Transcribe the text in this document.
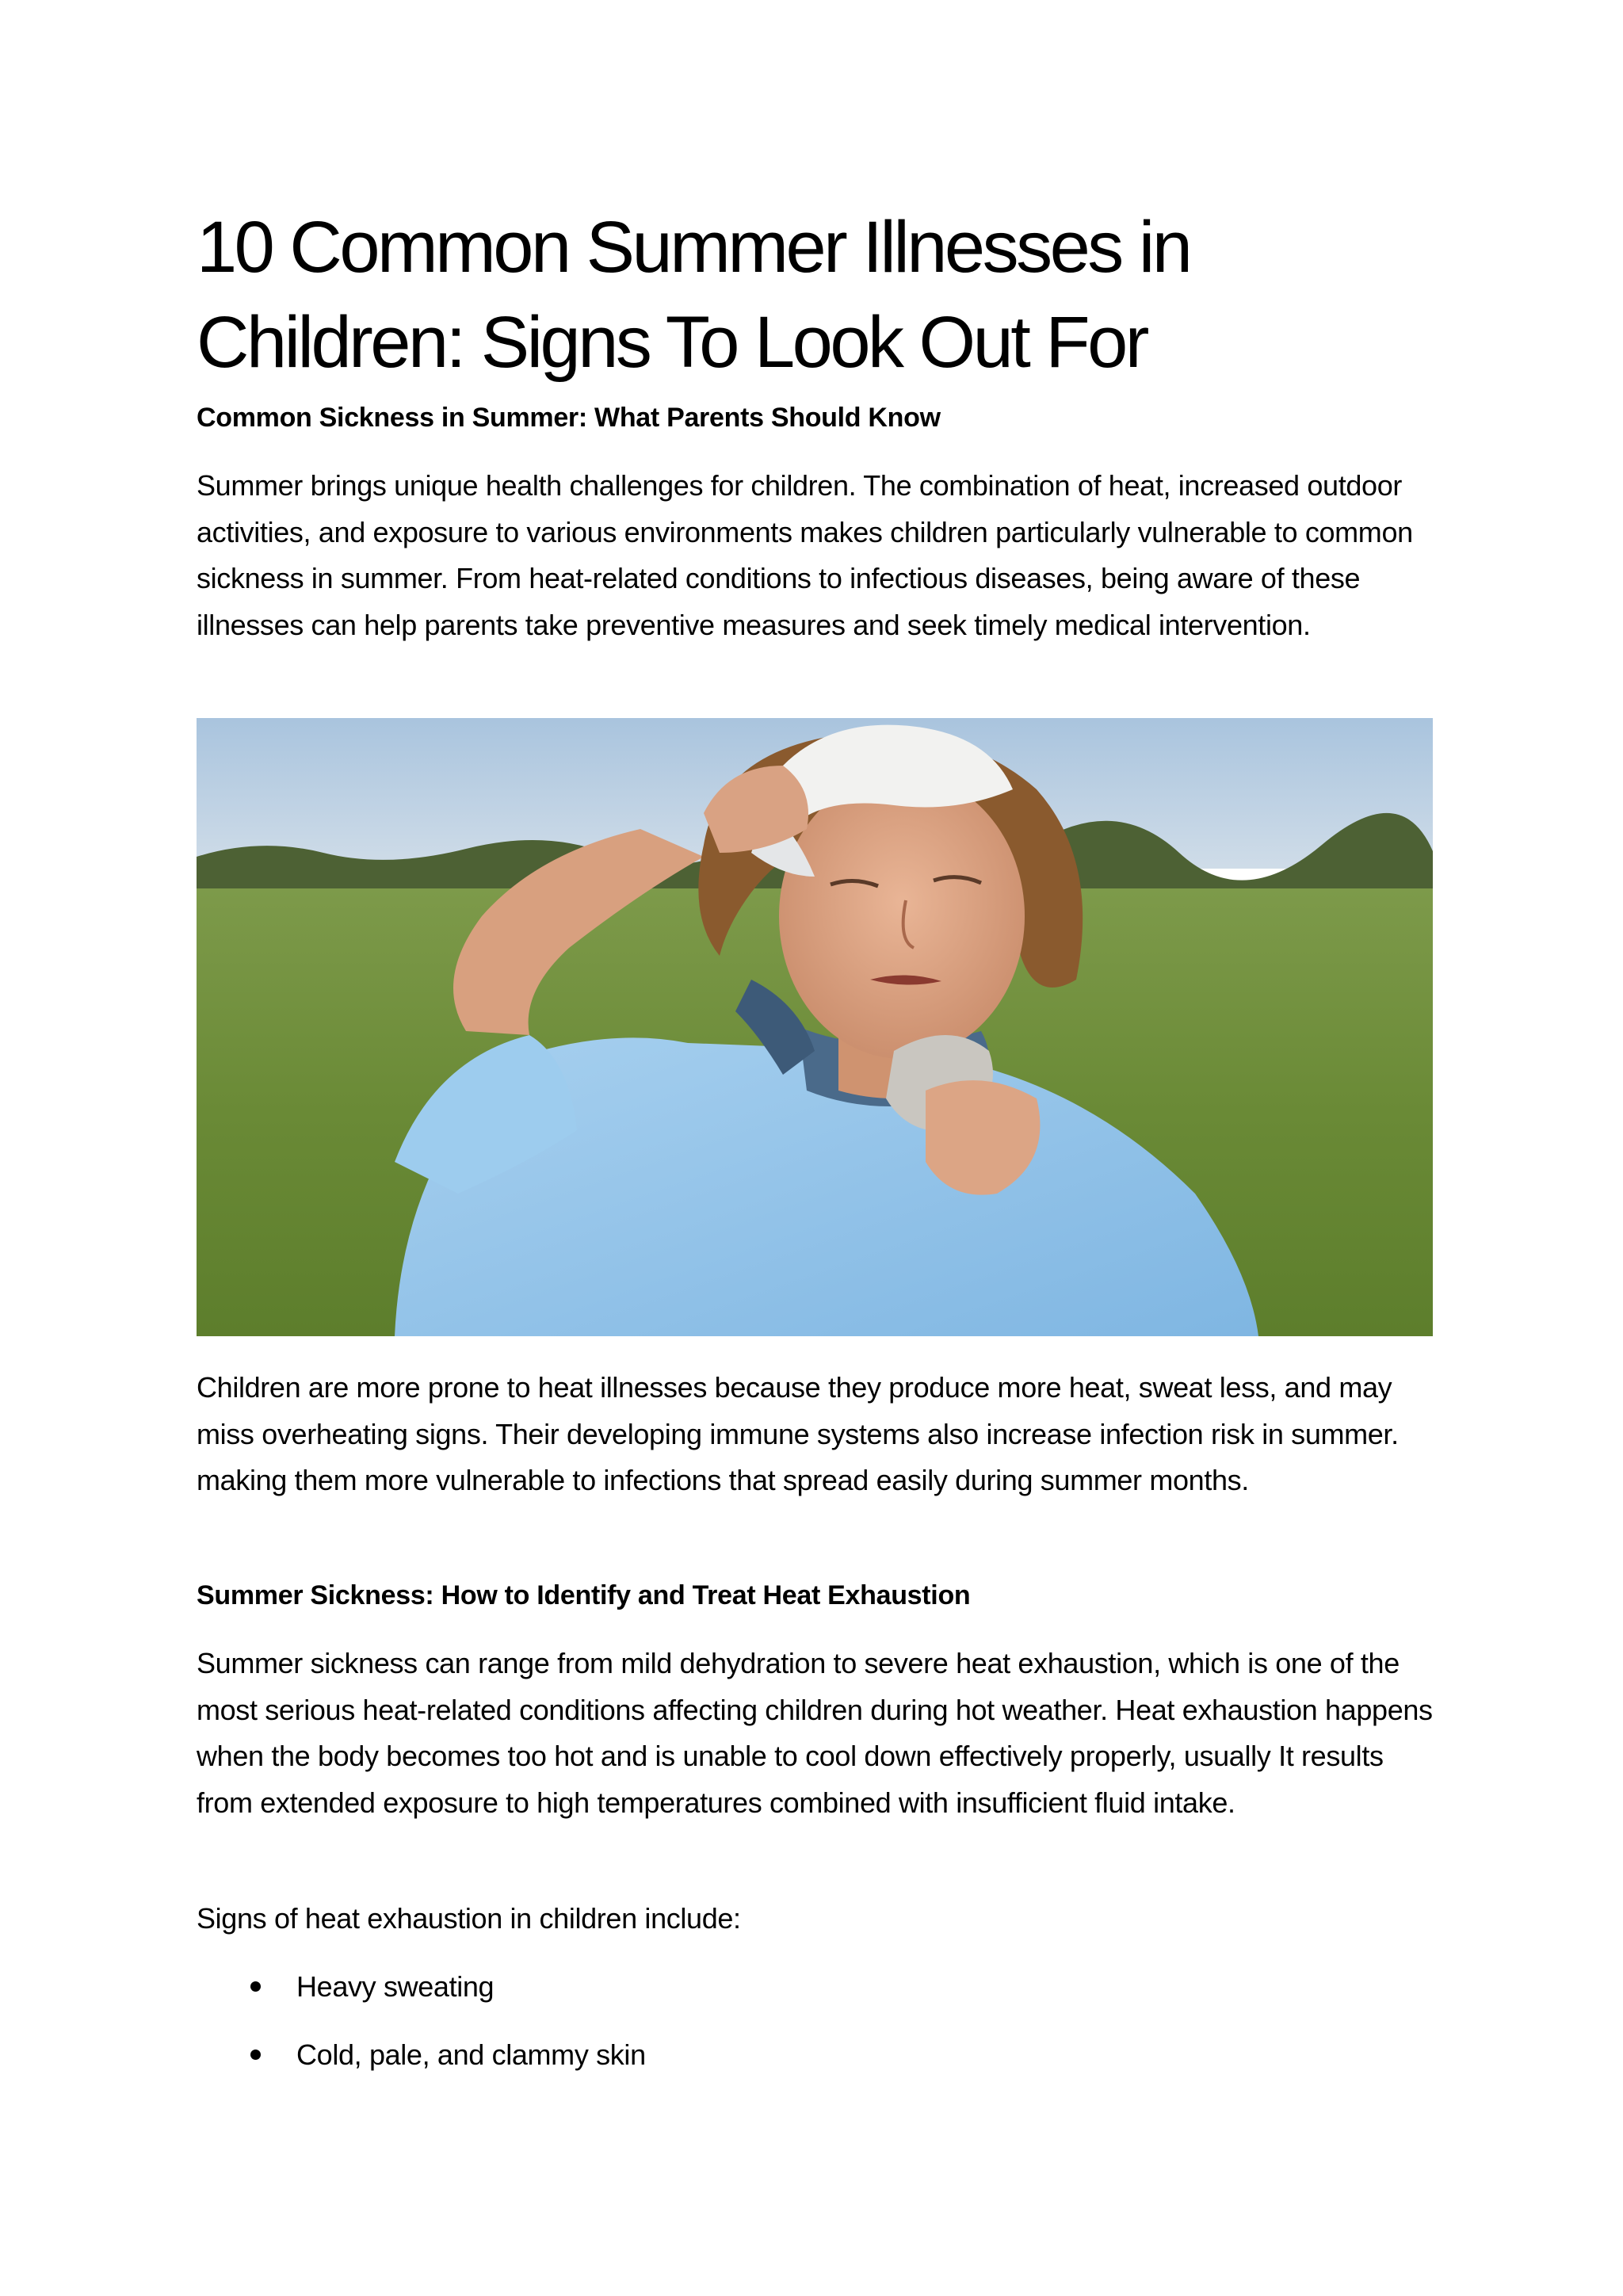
10 Common Summer Illnesses in Children: Signs To Look Out For

Common Sickness in Summer: What Parents Should Know

Summer brings unique health challenges for children. The combination of heat, increased outdoor activities, and exposure to various environments makes children particularly vulnerable to common sickness in summer. From heat-related conditions to infectious diseases, being aware of these illnesses can help parents take preventive measures and seek timely medical intervention.

Children are more prone to heat illnesses because they produce more heat, sweat less, and may miss overheating signs. Their developing immune systems also increase infection risk in summer. making them more vulnerable to infections that spread easily during summer months.

Summer Sickness: How to Identify and Treat Heat Exhaustion

Summer sickness can range from mild dehydration to severe heat exhaustion, which is one of the most serious heat-related conditions affecting children during hot weather. Heat exhaustion happens when the body becomes too hot and is unable to cool down effectively properly, usually It results from extended exposure to high temperatures combined with insufficient fluid intake.

Signs of heat exhaustion in children include:

Heavy sweating
Cold, pale, and clammy skin
